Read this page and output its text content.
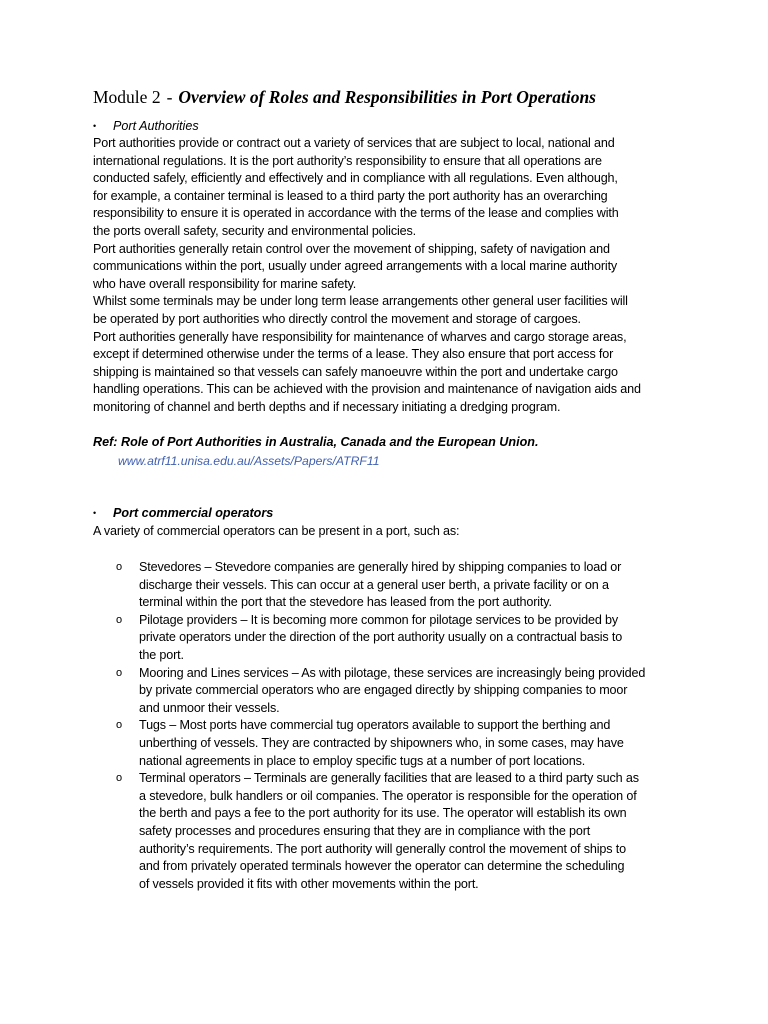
Module 2 - Overview of Roles and Responsibilities in Port Operations
• Port Authorities

Port authorities provide or contract out a variety of services that are subject to local, national and
international regulations. It is the port authority’s responsibility to ensure that all operations are
conducted safely, efficiently and effectively and in compliance with all regulations. Even although,
for example, a container terminal is leased to a third party the port authority has an overarching
responsibility to ensure it is operated in accordance with the terms of the lease and complies with
the ports overall safety, security and environmental policies.
Port authorities generally retain control over the movement of shipping, safety of navigation and
communications within the port, usually under agreed arrangements with a local marine authority
who have overall responsibility for marine safety.
Whilst some terminals may be under long term lease arrangements other general user facilities will
be operated by port authorities who directly control the movement and storage of cargoes.
Port authorities generally have responsibility for maintenance of wharves and cargo storage areas,
except if determined otherwise under the terms of a lease. They also ensure that port access for
shipping is maintained so that vessels can safely manoeuvre within the port and undertake cargo
handling operations. This can be achieved with the provision and maintenance of navigation aids and
monitoring of channel and berth depths and if necessary initiating a dredging program.

Ref: Role of Port Authorities in Australia, Canada and the European Union.
www.atrf11.unisa.edu.au/Assets/Papers/ATRF11
• Port commercial operators
A variety of commercial operators can be present in a port, such as:
o Stevedores – Stevedore companies are generally hired by shipping companies to load or
discharge their vessels. This can occur at a general user berth, a private facility or on a
terminal within the port that the stevedore has leased from the port authority.
o Pilotage providers – It is becoming more common for pilotage services to be provided by
private operators under the direction of the port authority usually on a contractual basis to
the port.
o Mooring and Lines services – As with pilotage, these services are increasingly being provided
by private commercial operators who are engaged directly by shipping companies to moor
and unmoor their vessels.
o Tugs – Most ports have commercial tug operators available to support the berthing and
unberthing of vessels. They are contracted by shipowners who, in some cases, may have
national agreements in place to employ specific tugs at a number of port locations.
o Terminal operators – Terminals are generally facilities that are leased to a third party such as
a stevedore, bulk handlers or oil companies. The operator is responsible for the operation of
the berth and pays a fee to the port authority for its use. The operator will establish its own
safety processes and procedures ensuring that they are in compliance with the port
authority’s requirements. The port authority will generally control the movement of ships to
and from privately operated terminals however the operator can determine the scheduling
of vessels provided it fits with other movements within the port.
